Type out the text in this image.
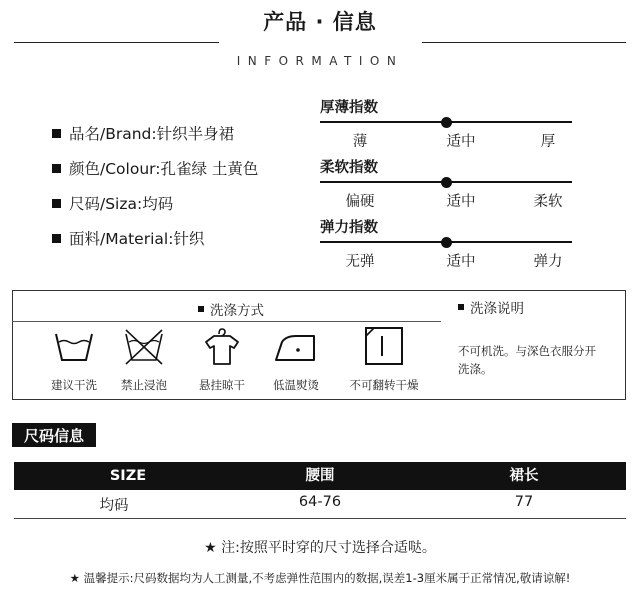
产品 · 信息
INFORMATION
品名/Brand:针织半身裙
颜色/Colour:孔雀绿 土黄色
尺码/Siza:均码
面料/Material:针织
厚薄指数
薄	适中	厚
柔软指数
偏硬	适中	柔软
弹力指数
无弹	适中	弹力
洗涤方式	洗涤说明
建议干洗	禁止浸泡	悬挂晾干	低温熨烫	不可翻转干燥
不可机洗。与深色衣服分开
洗涤。
尺码信息
SIZE	腰围	裙长
均码	64-76	77
★ 注:按照平时穿的尺寸选择合适哒。
★ 温馨提示:尺码数据均为人工测量,不考虑弹性范围内的数据,误差1-3厘米属于正常情况,敬请谅解!
